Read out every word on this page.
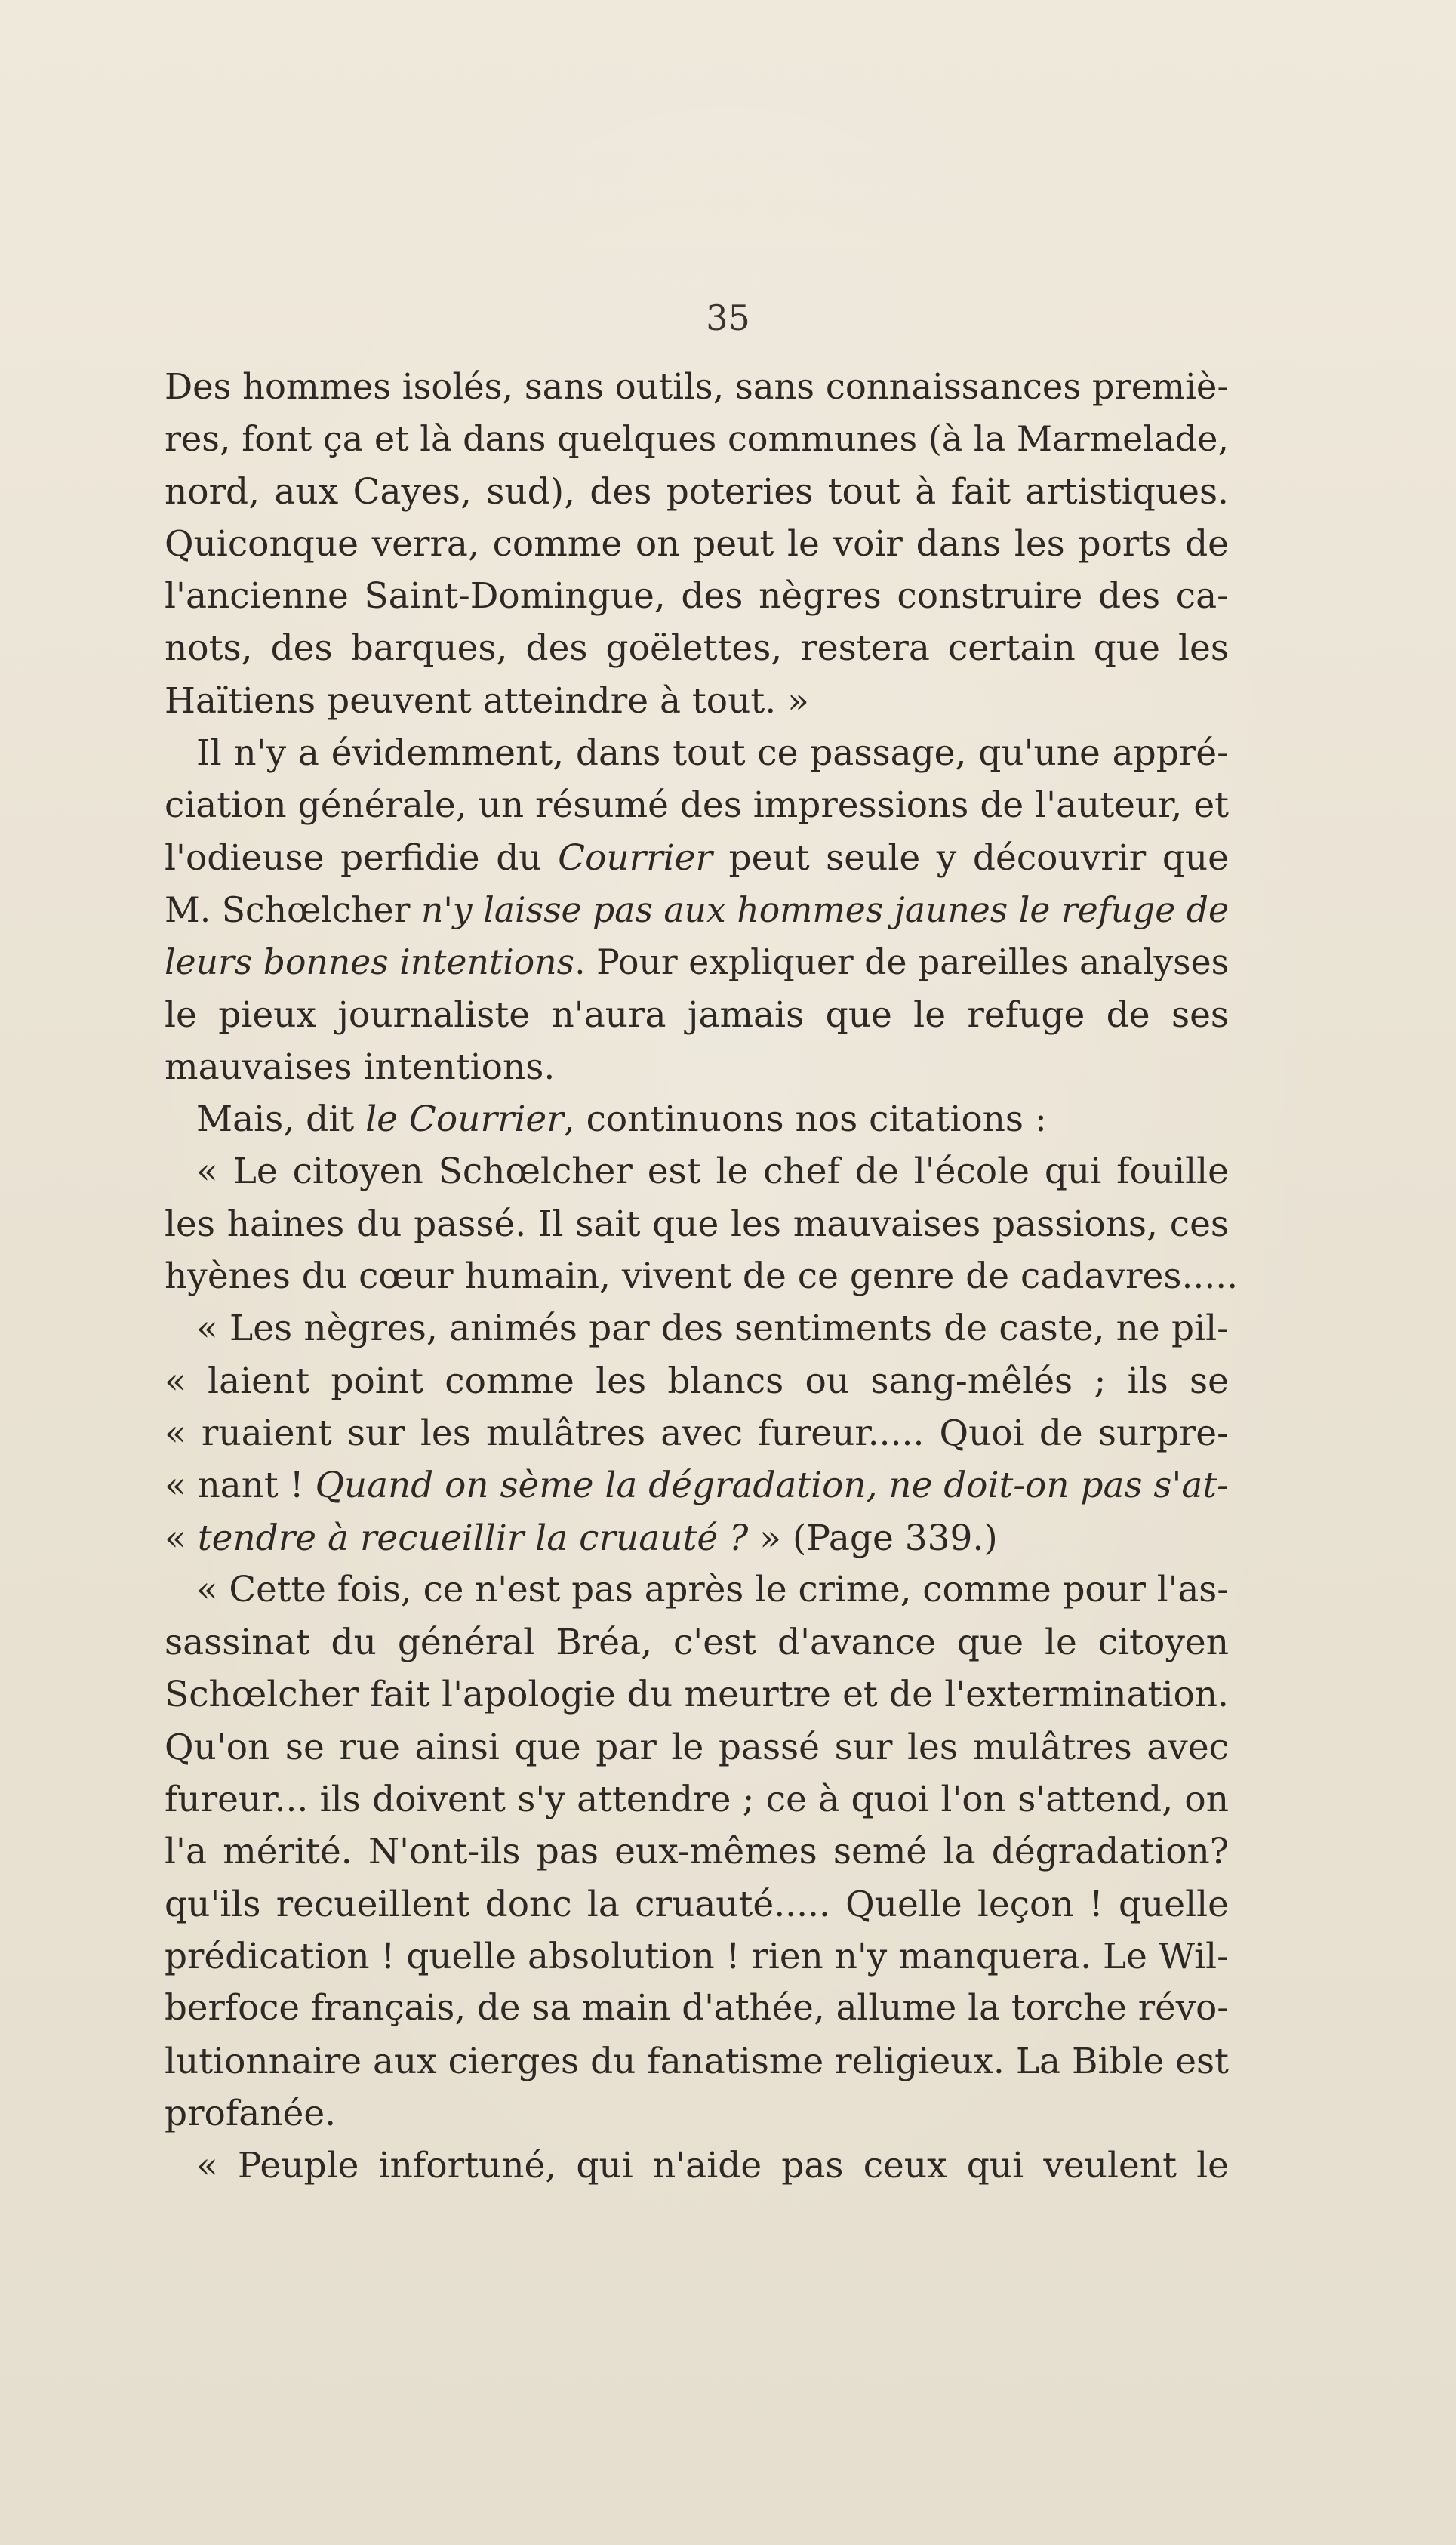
35
Des hommes isolés, sans outils, sans connaissances premiè-
res, font ça et là dans quelques communes (à la Marmelade,
nord, aux Cayes, sud), des poteries tout à fait artistiques.
Quiconque verra, comme on peut le voir dans les ports de
l'ancienne Saint-Domingue, des nègres construire des ca-
nots, des barques, des goëlettes, restera certain que les
Haïtiens peuvent atteindre à tout. »
Il n'y a évidemment, dans tout ce passage, qu'une appré-
ciation générale, un résumé des impressions de l'auteur, et
l'odieuse perfidie du Courrier peut seule y découvrir que
M. Schœlcher n'y laisse pas aux hommes jaunes le refuge de
leurs bonnes intentions. Pour expliquer de pareilles analyses
le pieux journaliste n'aura jamais que le refuge de ses
mauvaises intentions.
Mais, dit le Courrier, continuons nos citations :
« Le citoyen Schœlcher est le chef de l'école qui fouille
les haines du passé. Il sait que les mauvaises passions, ces
hyènes du cœur humain, vivent de ce genre de cadavres.....
« Les nègres, animés par des sentiments de caste, ne pil-
« laient point comme les blancs ou sang-mêlés ; ils se
« ruaient sur les mulâtres avec fureur..... Quoi de surpre-
« nant ! Quand on sème la dégradation, ne doit-on pas s'at-
« tendre à recueillir la cruauté ? » (Page 339.)
« Cette fois, ce n'est pas après le crime, comme pour l'as-
sassinat du général Bréa, c'est d'avance que le citoyen
Schœlcher fait l'apologie du meurtre et de l'extermination.
Qu'on se rue ainsi que par le passé sur les mulâtres avec
fureur... ils doivent s'y attendre ; ce à quoi l'on s'attend, on
l'a mérité. N'ont-ils pas eux-mêmes semé la dégradation?
qu'ils recueillent donc la cruauté..... Quelle leçon ! quelle
prédication ! quelle absolution ! rien n'y manquera. Le Wil-
berfoce français, de sa main d'athée, allume la torche révo-
lutionnaire aux cierges du fanatisme religieux. La Bible est
profanée.
« Peuple infortuné, qui n'aide pas ceux qui veulent le
